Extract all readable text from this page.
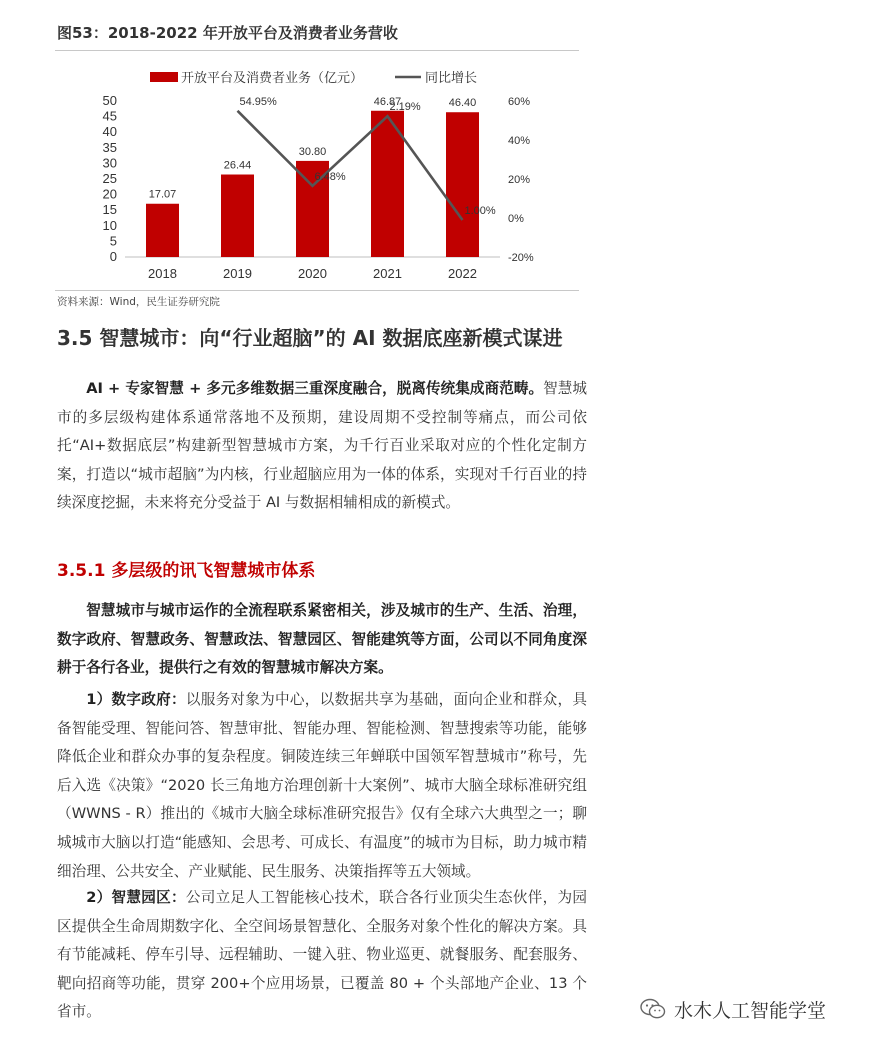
图53：2018-2022 年开放平台及消费者业务营收
0
5
10
15
20
25
30
35
40
45
50
-20%
0%
20%
40%
60%
17.07
26.44
30.80
46.87	46.40
2018	2019	2020	2021	2022
54.95%
6.48%
2.19%
1.00%
开放平台及消费者业务（亿元）	同比增长
资料来源：Wind，民生证券研究院
3.5 智慧城市：向“行业超脑”的 AI 数据底座新模式谋进
AI + 专家智慧 + 多元多维数据三重深度融合，脱离传统集成商范畴。智慧城市的多层级构建体系通常落地不及预期，建设周期不受控制等痛点，而公司依托“AI+数据底层”构建新型智慧城市方案，为千行百业采取对应的个性化定制方案，打造以“城市超脑”为内核，行业超脑应用为一体的体系，实现对千行百业的持续深度挖掘，未来将充分受益于 AI 与数据相辅相成的新模式。
3.5.1 多层级的讯飞智慧城市体系
智慧城市与城市运作的全流程联系紧密相关，涉及城市的生产、生活、治理，数字政府、智慧政务、智慧政法、智慧园区、智能建筑等方面，公司以不同角度深耕于各行各业，提供行之有效的智慧城市解决方案。
1）数字政府：以服务对象为中心，以数据共享为基础，面向企业和群众，具备智能受理、智能问答、智慧审批、智能办理、智能检测、智慧搜索等功能，能够降低企业和群众办事的复杂程度。铜陵连续三年蝉联中国领军智慧城市”称号，先后入选《决策》“2020 长三角地方治理创新十大案例”、城市大脑全球标准研究组（WWNS - R）推出的《城市大脑全球标准研究报告》仅有全球六大典型之一；聊城城市大脑以打造“能感知、会思考、可成长、有温度”的城市为目标，助力城市精细治理、公共安全、产业赋能、民生服务、决策指挥等五大领域。
2）智慧园区：公司立足人工智能核心技术，联合各行业顶尖生态伙伴，为园区提供全生命周期数字化、全空间场景智慧化、全服务对象个性化的解决方案。具有节能减耗、停车引导、远程辅助、一键入驻、物业巡更、就餐服务、配套服务、靶向招商等功能，贯穿 200+个应用场景，已覆盖 80 + 个头部地产企业、13 个省市。	水木人工智能学堂
